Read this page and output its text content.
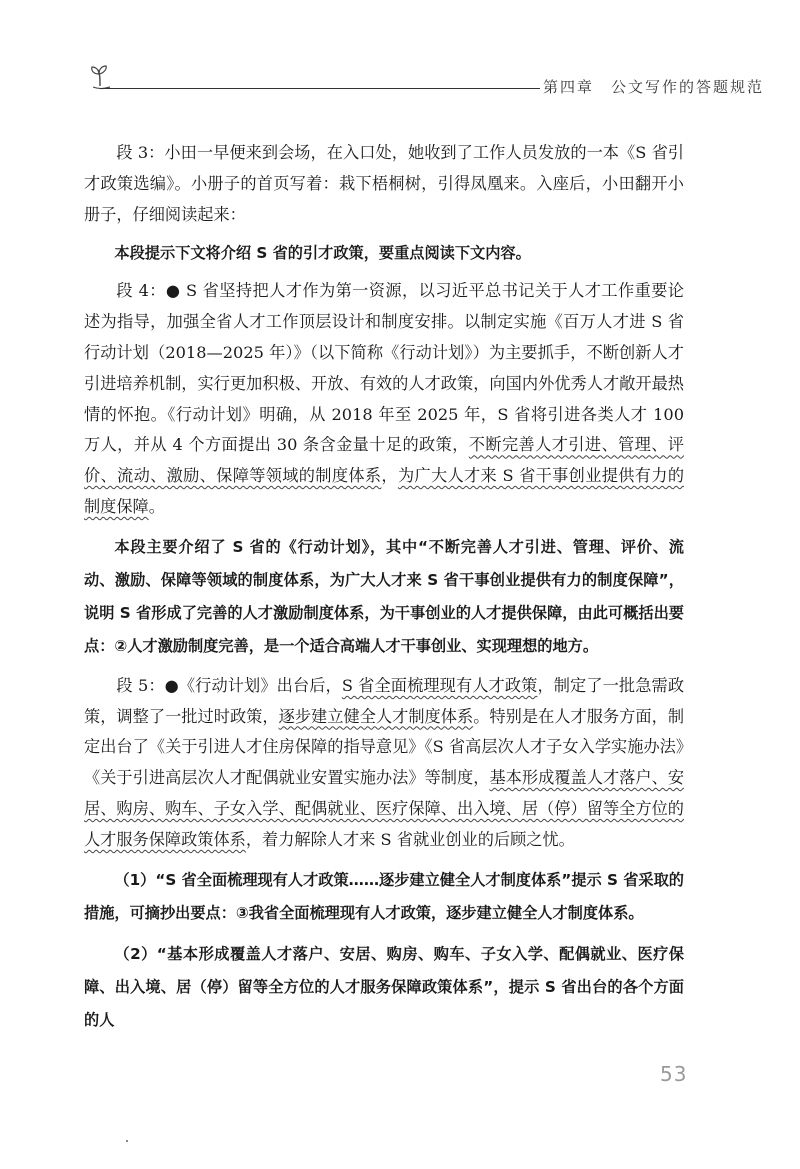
第四章　公文写作的答题规范

段 3：小田一早便来到会场，在入口处，她收到了工作人员发放的一本《S 省引才政策选编》。小册子的首页写着：栽下梧桐树，引得凤凰来。入座后，小田翻开小册子，仔细阅读起来：

本段提示下文将介绍 S 省的引才政策，要重点阅读下文内容。

段 4：● S 省坚持把人才作为第一资源，以习近平总书记关于人才工作重要论述为指导，加强全省人才工作顶层设计和制度安排。以制定实施《百万人才进 S 省行动计划（2018—2025 年）》（以下简称《行动计划》）为主要抓手，不断创新人才引进培养机制，实行更加积极、开放、有效的人才政策，向国内外优秀人才敞开最热情的怀抱。《行动计划》明确，从 2018 年至 2025 年，S 省将引进各类人才 100 万人，并从 4 个方面提出 30 条含金量十足的政策，不断完善人才引进、管理、评价、流动、激励、保障等领域的制度体系，为广大人才来 S 省干事创业提供有力的制度保障。

本段主要介绍了 S 省的《行动计划》，其中“不断完善人才引进、管理、评价、流动、激励、保障等领域的制度体系，为广大人才来 S 省干事创业提供有力的制度保障”，说明 S 省形成了完善的人才激励制度体系，为干事创业的人才提供保障，由此可概括出要点：②人才激励制度完善，是一个适合高端人才干事创业、实现理想的地方。

段 5：●《行动计划》出台后，S 省全面梳理现有人才政策，制定了一批急需政策，调整了一批过时政策，逐步建立健全人才制度体系。特别是在人才服务方面，制定出台了《关于引进人才住房保障的指导意见》《S 省高层次人才子女入学实施办法》《关于引进高层次人才配偶就业安置实施办法》等制度，基本形成覆盖人才落户、安居、购房、购车、子女入学、配偶就业、医疗保障、出入境、居（停）留等全方位的人才服务保障政策体系，着力解除人才来 S 省就业创业的后顾之忧。

（1）“S 省全面梳理现有人才政策……逐步建立健全人才制度体系”提示 S 省采取的措施，可摘抄出要点：③我省全面梳理现有人才政策，逐步建立健全人才制度体系。

（2）“基本形成覆盖人才落户、安居、购房、购车、子女入学、配偶就业、医疗保障、出入境、居（停）留等全方位的人才服务保障政策体系”，提示 S 省出台的各个方面的人

53
